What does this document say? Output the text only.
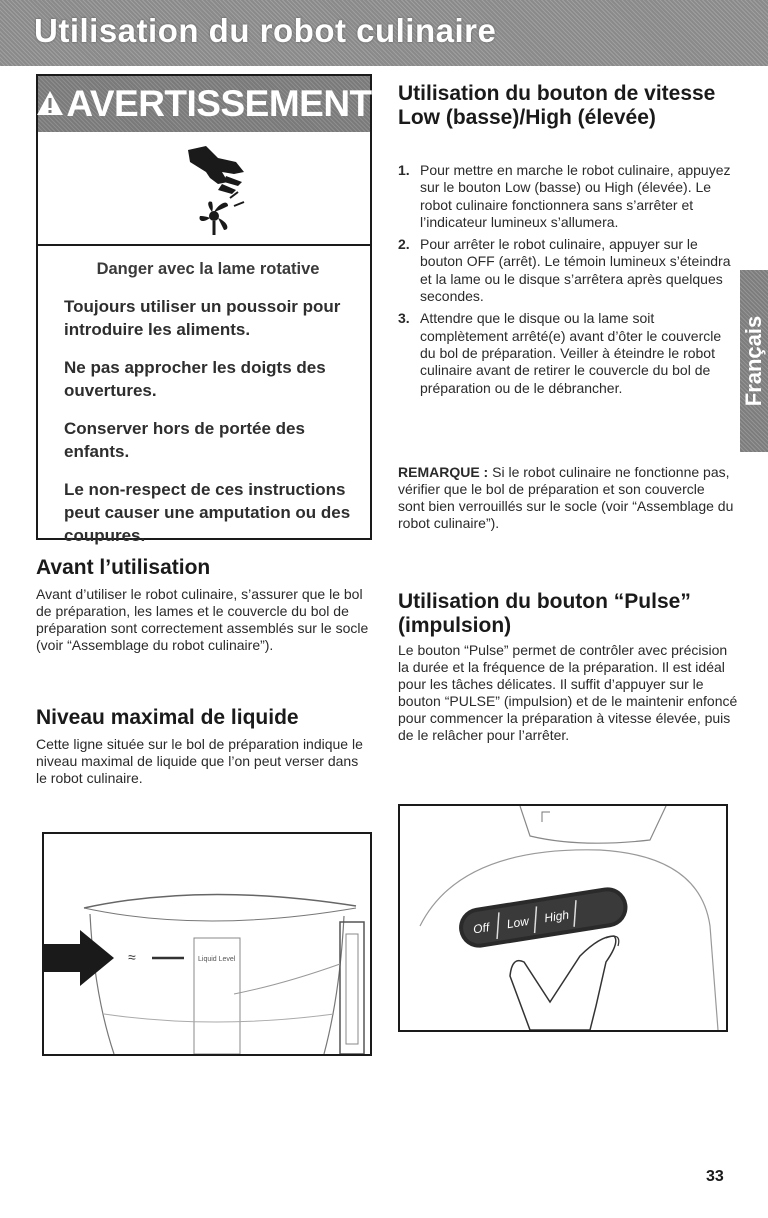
Utilisation du robot culinaire
Français
AVERTISSEMENT

Danger avec la lame rotative

Toujours utiliser un poussoir pour introduire les aliments.

Ne pas approcher les doigts des ouvertures.

Conserver hors de portée des enfants.

Le non-respect de ces instructions peut causer une amputation ou des coupures.

Avant l’utilisation
Avant d’utiliser le robot culinaire, s’assurer que le bol de préparation, les lames et le couvercle du bol de préparation sont correctement assemblés sur le socle (voir “Assemblage du robot culinaire”).
Niveau maximal de liquide
Cette ligne située sur le bol de préparation indique le niveau maximal de liquide que l’on peut verser dans le robot culinaire.
Utilisation du bouton de vitesse Low (basse)/High (élevée)
1. Pour mettre en marche le robot culinaire, appuyez sur le bouton Low (basse) ou High (élevée). Le robot culinaire fonctionnera sans s’arrêter et l’indicateur lumineux s’allumera.
2. Pour arrêter le robot culinaire, appuyer sur le bouton OFF (arrêt). Le témoin lumineux s’éteindra et la lame ou le disque s’arrêtera après quelques secondes.
3. Attendre que le disque ou la lame soit complètement arrêté(e) avant d’ôter le couvercle du bol de préparation. Veiller à éteindre le robot culinaire avant de retirer le couvercle du bol de préparation ou de le débrancher.
REMARQUE : Si le robot culinaire ne fonctionne pas, vérifier que le bol de préparation et son couvercle sont bien verrouillés sur le socle (voir “Assemblage du robot culinaire”).
Utilisation du bouton “Pulse” (impulsion)
Le bouton “Pulse” permet de contrôler avec précision la durée et la fréquence de la préparation. Il est idéal pour les tâches délicates. Il suffit d’appuyer sur le bouton “PULSE” (impulsion) et de le maintenir enfoncé pour commencer la préparation à vitesse élevée, puis de le relâcher pour l’arrêter.
≈	Liquid Level
Off Low High
33
